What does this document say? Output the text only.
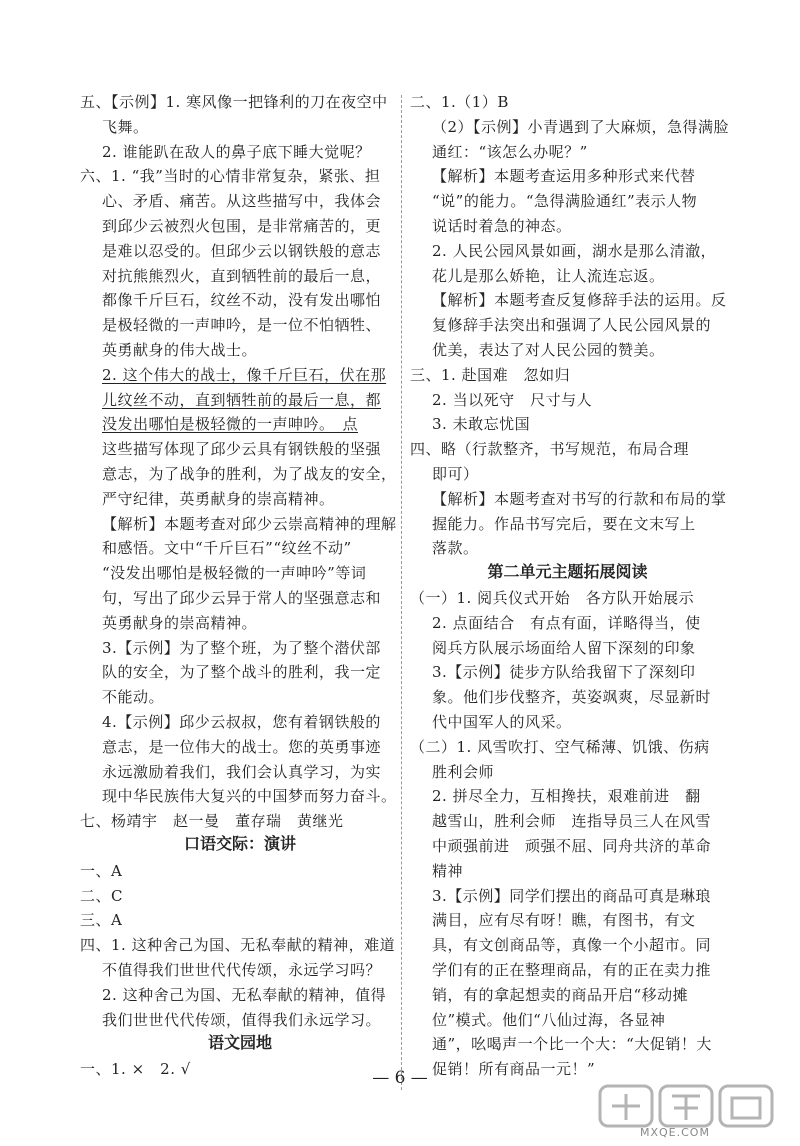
五、【示例】1. 寒风像一把锋利的刀在夜空中
飞舞。
2. 谁能趴在敌人的鼻子底下睡大觉呢？
六、1. “我”当时的心情非常复杂，紧张、担
心、矛盾、痛苦。从这些描写中，我体会
到邱少云被烈火包围，是非常痛苦的，更
是难以忍受的。但邱少云以钢铁般的意志
对抗熊熊烈火，直到牺牲前的最后一息，
都像千斤巨石，纹丝不动，没有发出哪怕
是极轻微的一声呻吟，是一位不怕牺牲、
英勇献身的伟大战士。
2. 这个伟大的战士，像千斤巨石，伏在那
儿纹丝不动，直到牺牲前的最后一息，都
没发出哪怕是极轻微的一声呻吟。　点
这些描写体现了邱少云具有钢铁般的坚强
意志，为了战争的胜利，为了战友的安全，
严守纪律，英勇献身的崇高精神。
【解析】本题考查对邱少云崇高精神的理解
和感悟。文中“千斤巨石”“纹丝不动”
“没发出哪怕是极轻微的一声呻吟”等词
句，写出了邱少云异于常人的坚强意志和
英勇献身的崇高精神。
3.【示例】为了整个班，为了整个潜伏部
队的安全，为了整个战斗的胜利，我一定
不能动。
4.【示例】邱少云叔叔，您有着钢铁般的
意志，是一位伟大的战士。您的英勇事迹
永远激励着我们，我们会认真学习，为实
现中华民族伟大复兴的中国梦而努力奋斗。
七、杨靖宇　赵一曼　董存瑞　黄继光
一、A
二、C
三、A
四、1. 这种舍己为国、无私奉献的精神，难道
不值得我们世世代代传颂，永远学习吗？
2. 这种舍己为国、无私奉献的精神，值得
我们世世代代传颂，值得我们永远学习。
一、1. ×　2. √
口语交际：演讲
语文园地
二、1.（1）B
（2）【示例】小青遇到了大麻烦，急得满脸
通红：“该怎么办呢？”
【解析】本题考查运用多种形式来代替
“说”的能力。“急得满脸通红”表示人物
说话时着急的神态。
2. 人民公园风景如画，湖水是那么清澈，
花儿是那么娇艳，让人流连忘返。
【解析】本题考查反复修辞手法的运用。反
复修辞手法突出和强调了人民公园风景的
优美，表达了对人民公园的赞美。
三、1. 赴国难　忽如归
2. 当以死守　尺寸与人
3. 未敢忘忧国
四、略（行款整齐，书写规范，布局合理
即可）
【解析】本题考查对书写的行款和布局的掌
握能力。作品书写完后，要在文末写上
落款。
（一）1. 阅兵仪式开始　各方队开始展示
2. 点面结合　有点有面，详略得当，使
阅兵方队展示场面给人留下深刻的印象
3.【示例】徒步方队给我留下了深刻印
象。他们步伐整齐，英姿飒爽，尽显新时
代中国军人的风采。
（二）1. 风雪吹打、空气稀薄、饥饿、伤病
胜利会师
2. 拼尽全力，互相搀扶，艰难前进　翻
越雪山，胜利会师　连指导员三人在风雪
中顽强前进　顽强不屈、同舟共济的革命
精神
3.【示例】同学们摆出的商品可真是琳琅
满目，应有尽有呀！瞧，有图书，有文
具，有文创商品等，真像一个小超市。同
学们有的正在整理商品，有的正在卖力推
销，有的拿起想卖的商品开启“移动摊
位”模式。他们“八仙过海，各显神
通”，吆喝声一个比一个大：“大促销！大
促销！所有商品一元！”
第二单元主题拓展阅读
— 6 —
MXQE.COM
